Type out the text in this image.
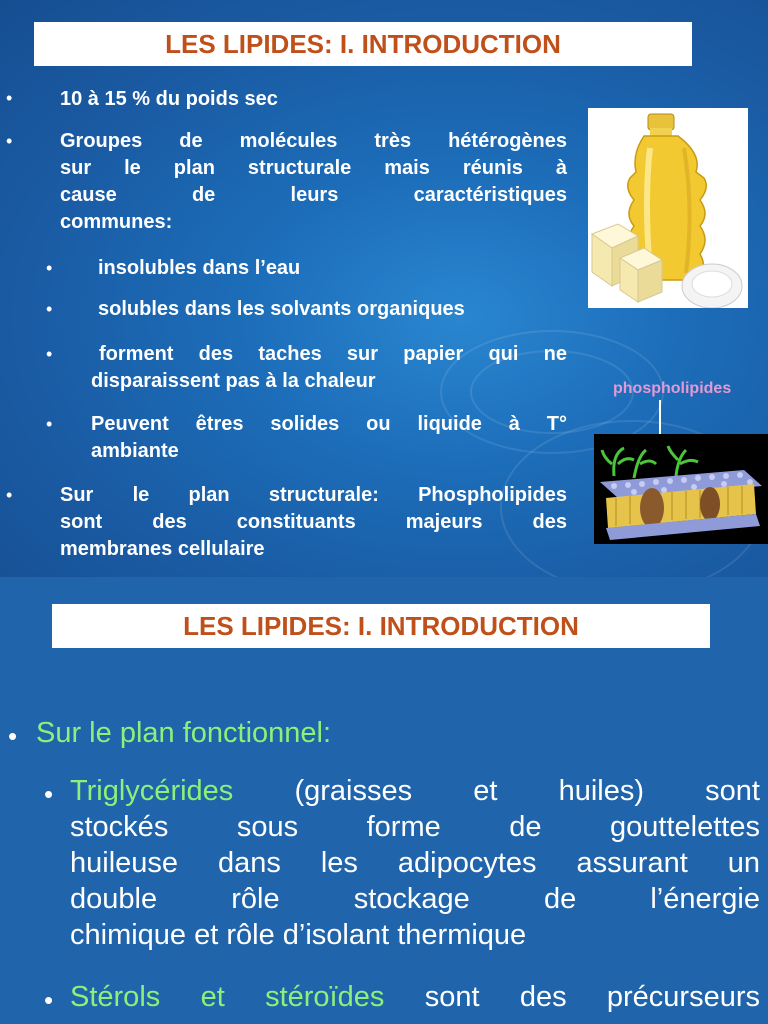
LES LIPIDES: I. INTRODUCTION
• 10 à 15 % du poids sec
• Groupes de molécules très hétérogènes
sur le plan structurale mais réunis à
cause de leurs caractéristiques
communes:
• insolubles dans l’eau
• solubles dans les solvants organiques
•	forment des taches sur papier qui ne
disparaissent pas à la chaleur
• Peuvent êtres solides ou liquide à T°
ambiante
• Sur le plan structurale: Phospholipides
sont des constituants majeurs des
membranes cellulaire
phospholipides
LES LIPIDES: I. INTRODUCTION
• Sur le plan fonctionnel:
• Triglycérides (graisses et huiles) sont
stockés sous forme de gouttelettes
huileuse dans les adipocytes assurant un
double rôle stockage de l’énergie
chimique et rôle d’isolant thermique
• Stérols et stéroïdes sont des précurseurs
